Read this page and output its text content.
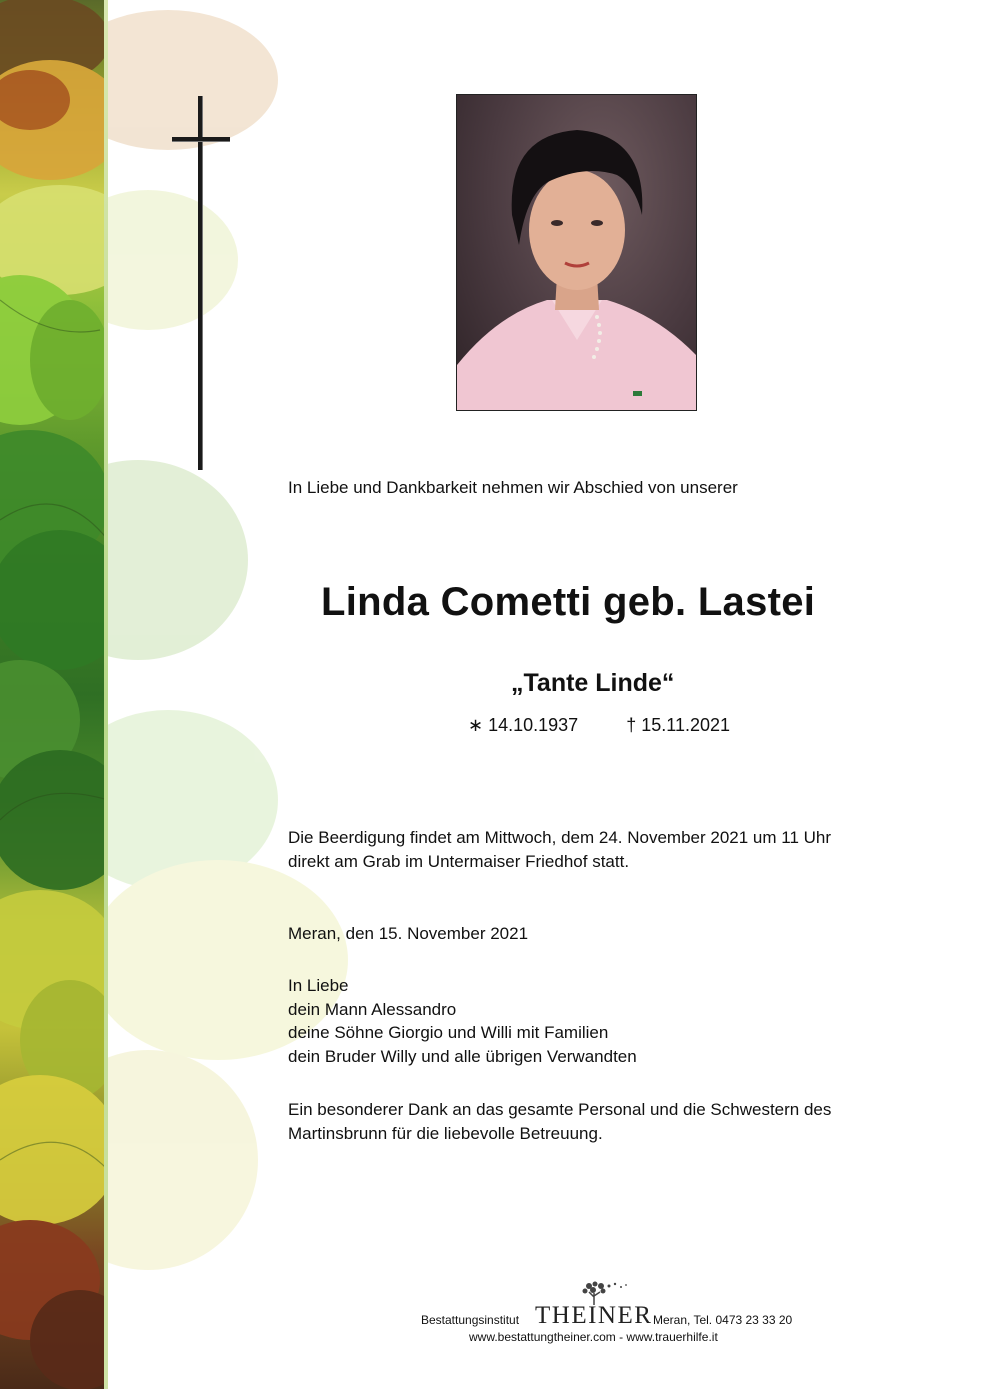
In Liebe und Dankbarkeit nehmen wir Abschied von unserer
Linda Cometti geb. Lastei
„Tante Linde“
∗ 14.10.1937	† 15.11.2021
Die Beerdigung findet am Mittwoch, dem 24. November 2021 um 11 Uhr
direkt am Grab im Untermaiser Friedhof statt.
Meran, den 15. November 2021
In Liebe
dein Mann Alessandro
deine Söhne Giorgio und Willi mit Familien
dein Bruder Willy und alle übrigen Verwandten
Ein besonderer Dank an das gesamte Personal und die Schwestern des
Martinsbrunn für die liebevolle Betreuung.
Bestattungsinstitut THEINER Meran, Tel. 0473 23 33 20
www.bestattungtheiner.com - www.trauerhilfe.it
